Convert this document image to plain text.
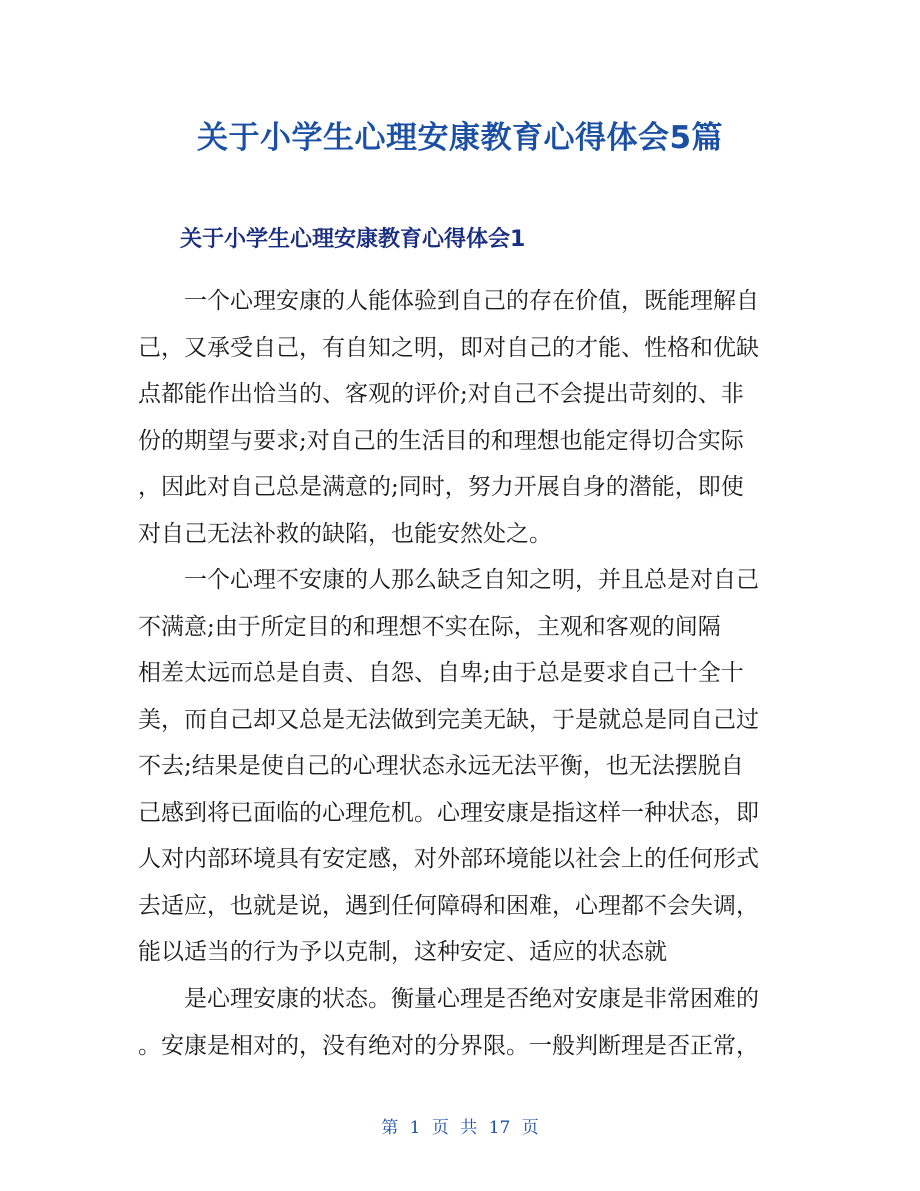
关于小学生心理安康教育心得体会5篇
关于小学生心理安康教育心得体会1

一个心理安康的人能体验到自己的存在价值，既能理解自
己，又承受自己，有自知之明，即对自己的才能、性格和优缺
点都能作出恰当的、客观的评价;对自己不会提出苛刻的、非
份的期望与要求;对自己的生活目的和理想也能定得切合实际
，因此对自己总是满意的;同时，努力开展自身的潜能，即使
对自己无法补救的缺陷，也能安然处之。

一个心理不安康的人那么缺乏自知之明，并且总是对自己
不满意;由于所定目的和理想不实在际，主观和客观的间隔
相差太远而总是自责、自怨、自卑;由于总是要求自己十全十
美，而自己却又总是无法做到完美无缺，于是就总是同自己过
不去;结果是使自己的心理状态永远无法平衡，也无法摆脱自
己感到将已面临的心理危机。心理安康是指这样一种状态，即
人对内部环境具有安定感，对外部环境能以社会上的任何形式
去适应，也就是说，遇到任何障碍和困难，心理都不会失调，
能以适当的行为予以克制，这种安定、适应的状态就

是心理安康的状态。衡量心理是否绝对安康是非常困难的
。安康是相对的，没有绝对的分界限。一般判断理是否正常，

第 1 页 共 17 页
